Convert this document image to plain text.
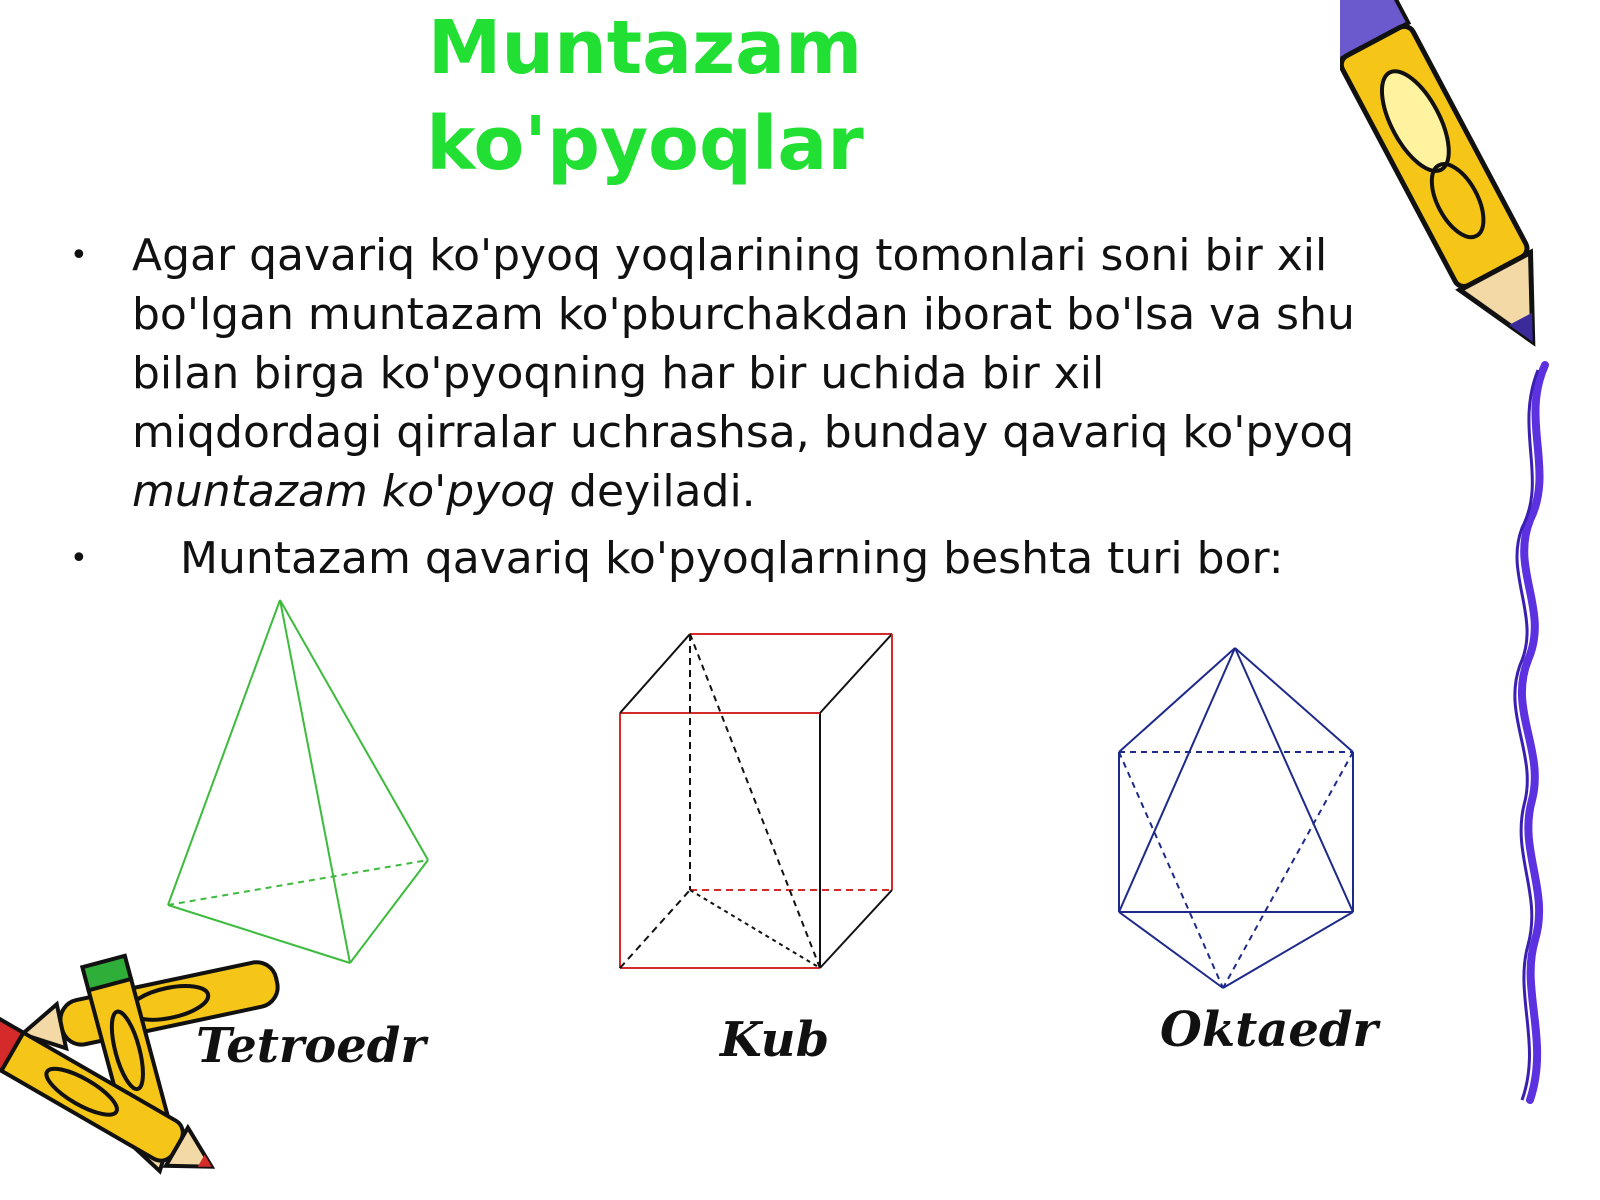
Muntazam
ko'pyoqlar

• Agar qavariq ko'pyoq yoqlarining tomonlari soni bir xil
bo'lgan muntazam ko'pburchakdan iborat bo'lsa va shu
bilan birga ko'pyoqning har bir uchida bir xil
miqdordagi qirralar uchrashsa, bunday qavariq ko'pyoq
muntazam ko'pyoq deyiladi.

• Muntazam qavariq ko'pyoqlarning beshta turi bor:

Tetroedr	Kub	Oktaedr
